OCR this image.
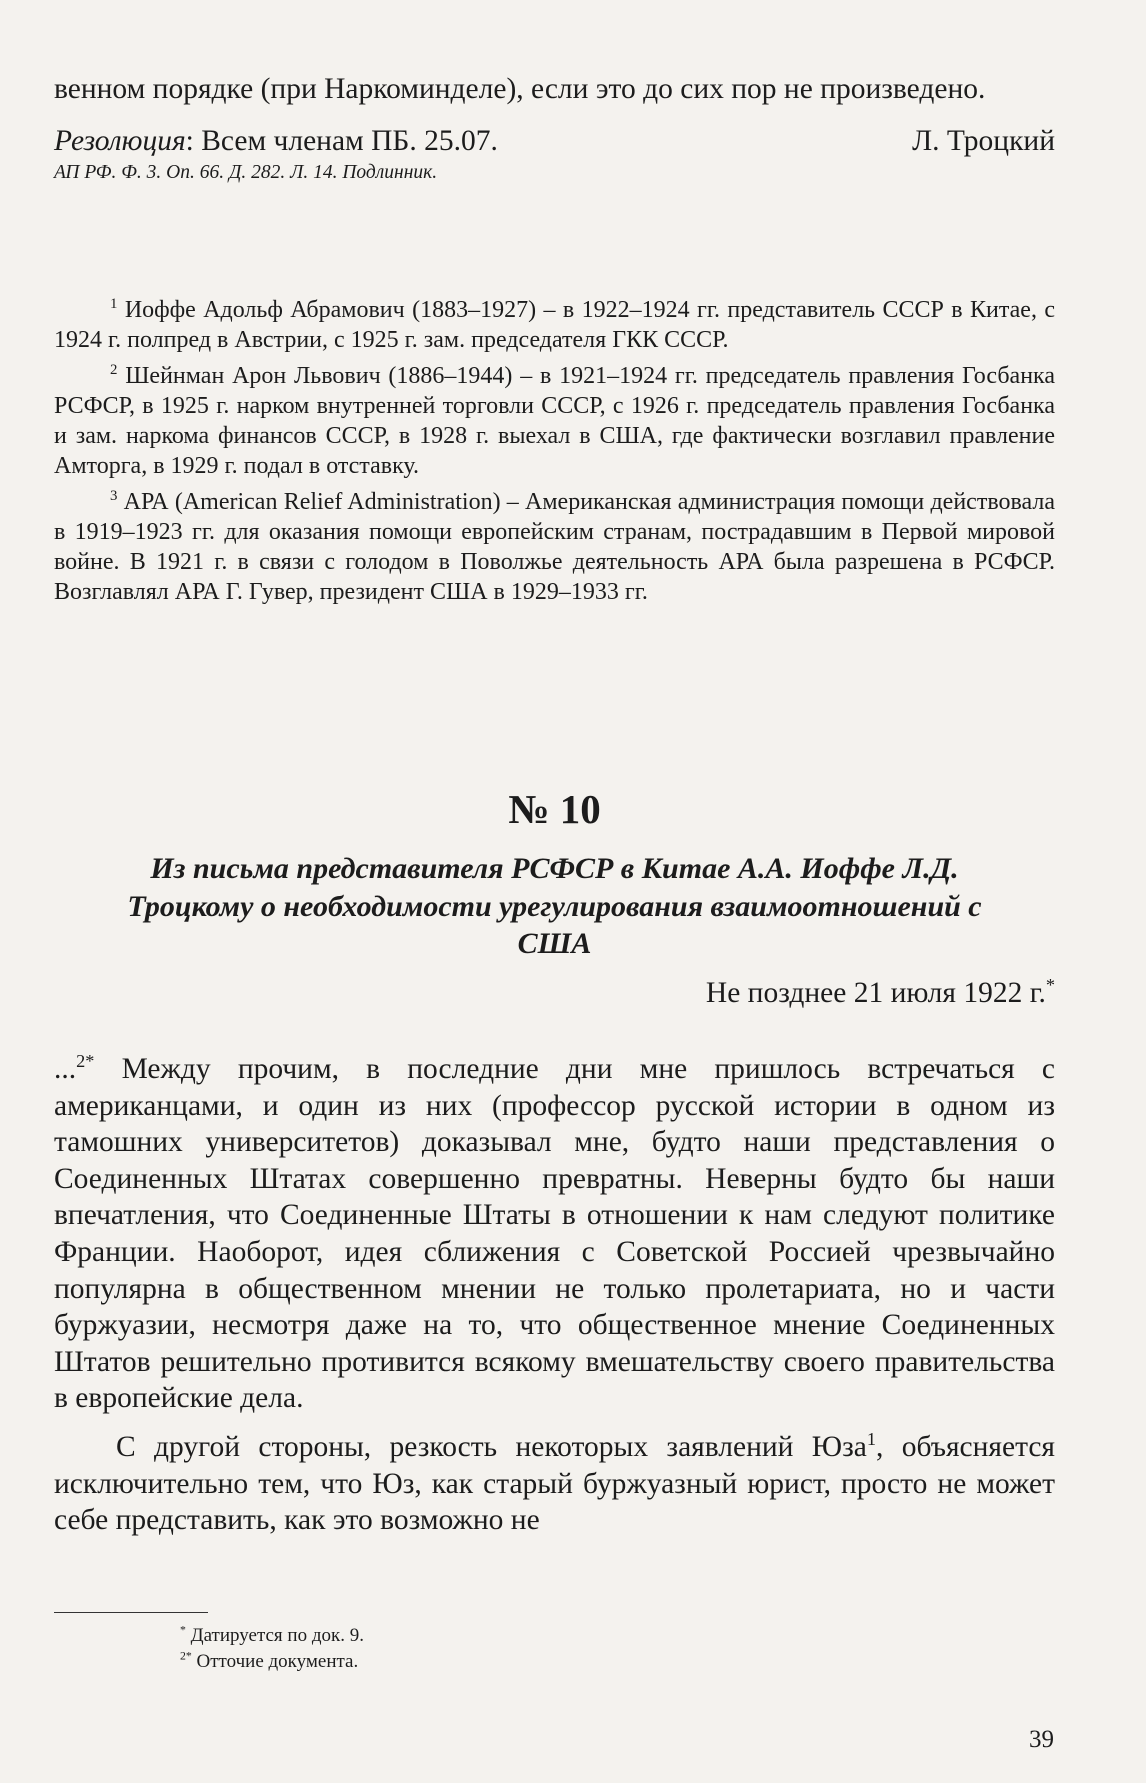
венном порядке (при Наркоминделе), если это до сих пор не произведено.

Резолюция: Всем членам ПБ. 25.07.	Л. Троцкий

АП РФ. Ф. 3. Оп. 66. Д. 282. Л. 14. Подлинник.

$^1$ Иоффе Адольф Абрамович (1883–1927) – в 1922–1924 гг. представитель СССР в Китае, с 1924 г. полпред в Австрии, с 1925 г. зам. председателя ГКК СССР.

$^2$ Шейнман Арон Львович (1886–1944) – в 1921–1924 гг. председатель правления Госбанка РСФСР, в 1925 г. нарком внутренней торговли СССР, с 1926 г. председатель правления Госбанка и зам. наркома финансов СССР, в 1928 г. выехал в США, где фактически возглавил правление Амторга, в 1929 г. подал в отставку.

$^3$ АРА (American Relief Administration) – Американская администрация помощи действовала в 1919–1923 гг. для оказания помощи европейским странам, пострадавшим в Первой мировой войне. В 1921 г. в связи с голодом в Поволжье деятельность АРА была разрешена в РСФСР. Возглавлял АРА Г. Гувер, президент США в 1929–1933 гг.

№ 10

Из письма представителя РСФСР в Китае А.А. Иоффе Л.Д. Троцкому о необходимости урегулирования взаимоотношений с США

Не позднее 21 июля 1922 г.*

...$^{2*}$ Между прочим, в последние дни мне пришлось встречаться с американцами, и один из них (профессор русской истории в одном из тамошних университетов) доказывал мне, будто наши представления о Соединенных Штатах совершенно превратны. Неверны будто бы наши впечатления, что Соединенные Штаты в отношении к нам следуют политике Франции. Наоборот, идея сближения с Советской Россией чрезвычайно популярна в общественном мнении не только пролетариата, но и части буржуазии, несмотря даже на то, что общественное мнение Соединенных Штатов решительно противится всякому вмешательству своего правительства в европейские дела.

С другой стороны, резкость некоторых заявлений Юза$^1$, объясняется исключительно тем, что Юз, как старый буржуазный юрист, просто не может себе представить, как это возможно не

* Датируется по док. 9.

$^{2*}$ Отточие документа.

39
